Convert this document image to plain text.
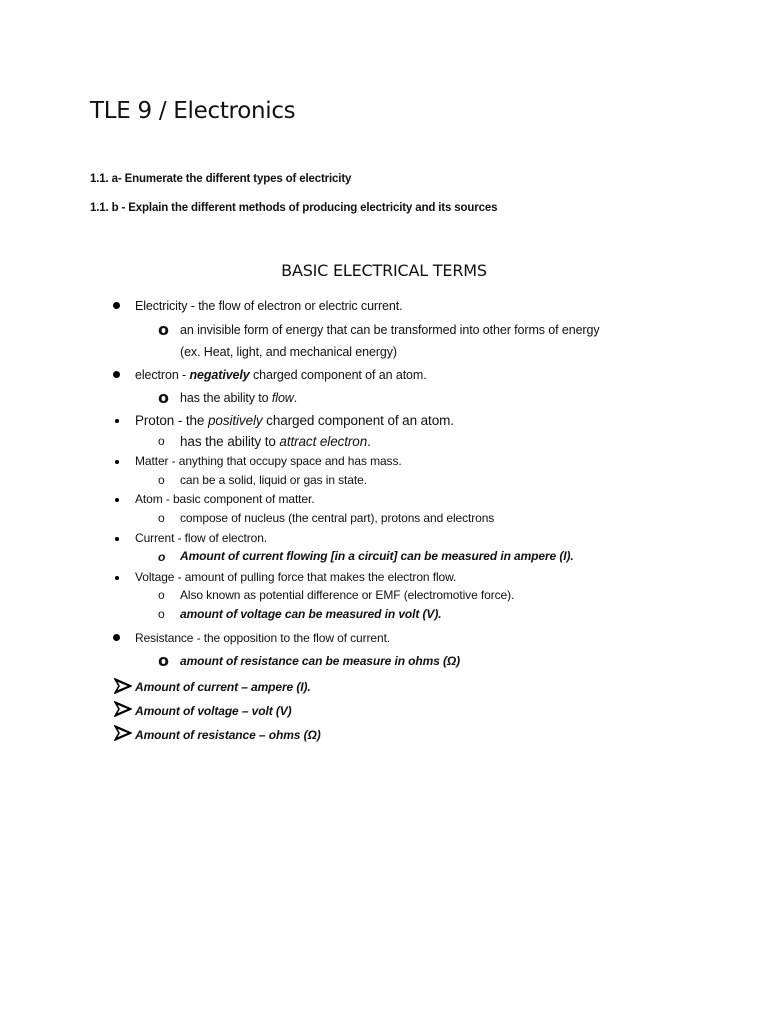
TLE 9 / Electronics
1.1. a- Enumerate the different types of electricity
1.1. b - Explain the different methods of producing electricity and its sources
BASIC ELECTRICAL TERMS
Electricity - the flow of electron or electric current.
o an invisible form of energy that can be transformed into other forms of energy
(ex. Heat, light, and mechanical energy)
electron - negatively charged component of an atom.
o has the ability to flow.
Proton - the positively charged component of an atom.
o has the ability to attract electron.
Matter - anything that occupy space and has mass.
o can be a solid, liquid or gas in state.
Atom - basic component of matter.
o compose of nucleus (the central part), protons and electrons
Current - flow of electron.
o Amount of current flowing [in a circuit] can be measured in ampere (I).
Voltage - amount of pulling force that makes the electron flow.
o Also known as potential difference or EMF (electromotive force).
o amount of voltage can be measured in volt (V).
Resistance - the opposition to the flow of current.
o amount of resistance can be measure in ohms (Ω)
Amount of current – ampere (I).
Amount of voltage – volt (V)
Amount of resistance – ohms (Ω)
